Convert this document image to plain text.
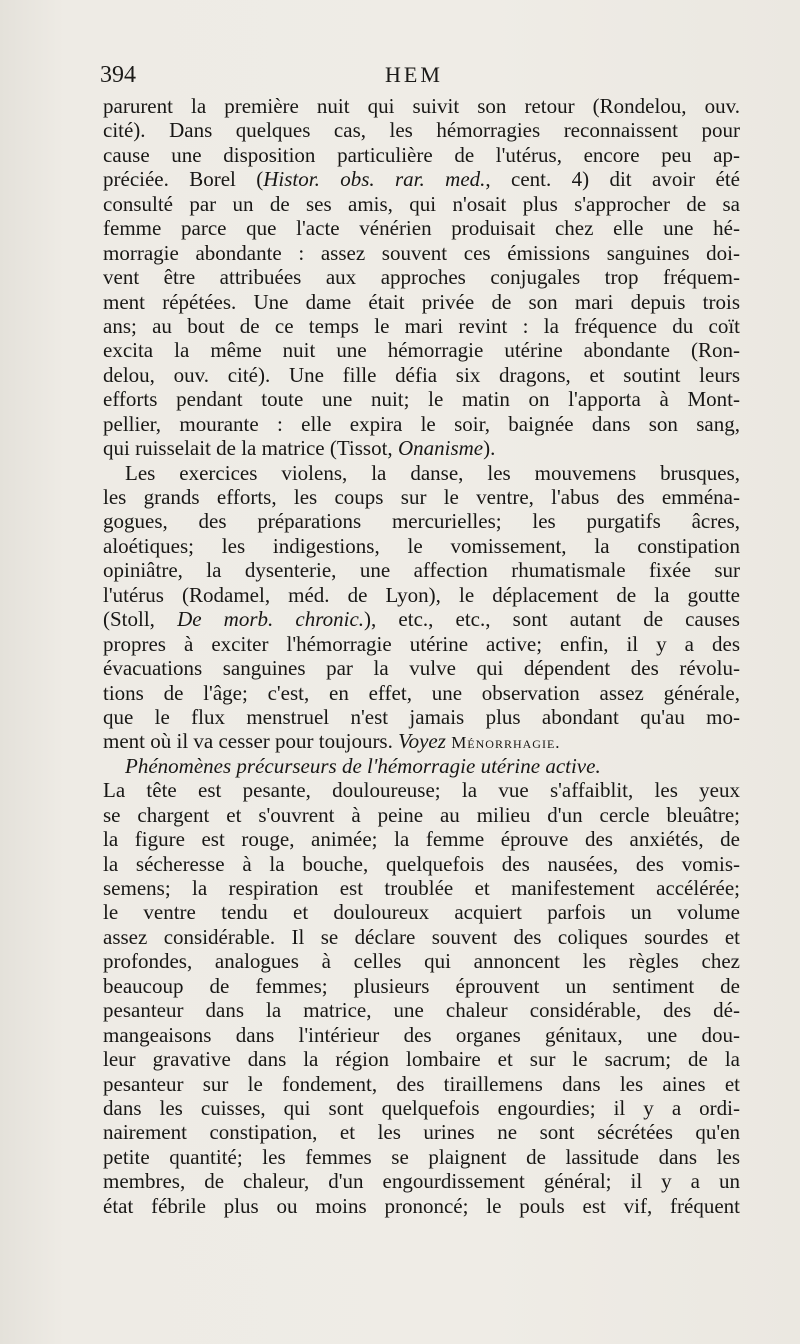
394	HEM
parurent la première nuit qui suivit son retour (Rondelou, ouv.
cité). Dans quelques cas, les hémorragies reconnaissent pour
cause une disposition particulière de l'utérus, encore peu ap-
préciée. Borel (Histor. obs. rar. med., cent. 4) dit avoir été
consulté par un de ses amis, qui n'osait plus s'approcher de sa
femme parce que l'acte vénérien produisait chez elle une hé-
morragie abondante : assez souvent ces émissions sanguines doi-
vent être attribuées aux approches conjugales trop fréquem-
ment répétées. Une dame était privée de son mari depuis trois
ans; au bout de ce temps le mari revint : la fréquence du coït
excita la même nuit une hémorragie utérine abondante (Ron-
delou, ouv. cité). Une fille défia six dragons, et soutint leurs
efforts pendant toute une nuit; le matin on l'apporta à Mont-
pellier, mourante : elle expira le soir, baignée dans son sang,
qui ruisselait de la matrice (Tissot, Onanisme).
Les exercices violens, la danse, les mouvemens brusques,
les grands efforts, les coups sur le ventre, l'abus des emména-
gogues, des préparations mercurielles; les purgatifs âcres,
aloétiques; les indigestions, le vomissement, la constipation
opiniâtre, la dysenterie, une affection rhumatismale fixée sur
l'utérus (Rodamel, méd. de Lyon), le déplacement de la goutte
(Stoll, De morb. chronic.), etc., etc., sont autant de causes
propres à exciter l'hémorragie utérine active; enfin, il y a des
évacuations sanguines par la vulve qui dépendent des révolu-
tions de l'âge; c'est, en effet, une observation assez générale,
que le flux menstruel n'est jamais plus abondant qu'au mo-
ment où il va cesser pour toujours. Voyez Ménorrhagie.
Phénomènes précurseurs de l'hémorragie utérine active.
La tête est pesante, douloureuse; la vue s'affaiblit, les yeux
se chargent et s'ouvrent à peine au milieu d'un cercle bleuâtre;
la figure est rouge, animée; la femme éprouve des anxiétés, de
la sécheresse à la bouche, quelquefois des nausées, des vomis-
semens; la respiration est troublée et manifestement accélérée;
le ventre tendu et douloureux acquiert parfois un volume
assez considérable. Il se déclare souvent des coliques sourdes et
profondes, analogues à celles qui annoncent les règles chez
beaucoup de femmes; plusieurs éprouvent un sentiment de
pesanteur dans la matrice, une chaleur considérable, des dé-
mangeaisons dans l'intérieur des organes génitaux, une dou-
leur gravative dans la région lombaire et sur le sacrum; de la
pesanteur sur le fondement, des tiraillemens dans les aines et
dans les cuisses, qui sont quelquefois engourdies; il y a ordi-
nairement constipation, et les urines ne sont sécrétées qu'en
petite quantité; les femmes se plaignent de lassitude dans les
membres, de chaleur, d'un engourdissement général; il y a un
état fébrile plus ou moins prononcé; le pouls est vif, fréquent
